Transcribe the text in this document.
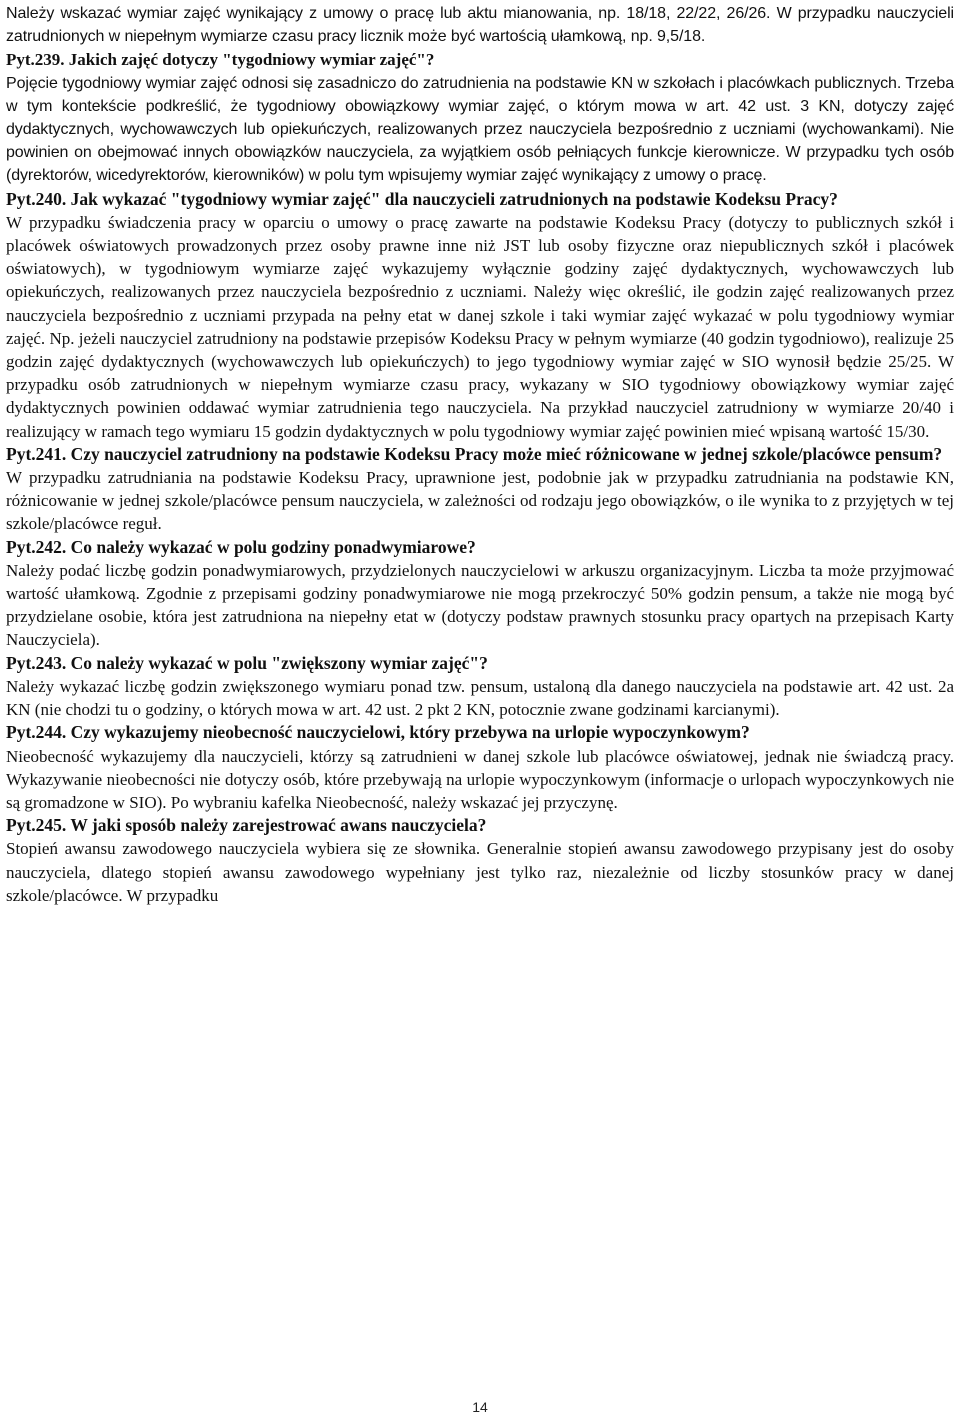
Należy wskazać wymiar zajęć wynikający z umowy o pracę lub aktu mianowania, np. 18/18, 22/22, 26/26. W przypadku nauczycieli zatrudnionych w niepełnym wymiarze czasu pracy licznik może być wartością ułamkową, np. 9,5/18.

Pyt.239. Jakich zajęć dotyczy "tygodniowy wymiar zajęć"?

Pojęcie tygodniowy wymiar zajęć odnosi się zasadniczo do zatrudnienia na podstawie KN w szkołach i placówkach publicznych. Trzeba w tym kontekście podkreślić, że tygodniowy obowiązkowy wymiar zajęć, o którym mowa w art. 42 ust. 3 KN, dotyczy zajęć dydaktycznych, wychowawczych lub opiekuńczych, realizowanych przez nauczyciela bezpośrednio z uczniami (wychowankami). Nie powinien on obejmować innych obowiązków nauczyciela, za wyjątkiem osób pełniących funkcje kierownicze. W przypadku tych osób (dyrektorów, wicedyrektorów, kierowników) w polu tym wpisujemy wymiar zajęć wynikający z umowy o pracę.

Pyt.240. Jak wykazać "tygodniowy wymiar zajęć" dla nauczycieli zatrudnionych na podstawie Kodeksu Pracy?

W przypadku świadczenia pracy w oparciu o umowy o pracę zawarte na podstawie Kodeksu Pracy (dotyczy to publicznych szkół i placówek oświatowych prowadzonych przez osoby prawne inne niż JST lub osoby fizyczne oraz niepublicznych szkół i placówek oświatowych), w tygodniowym wymiarze zajęć wykazujemy wyłącznie godziny zajęć dydaktycznych, wychowawczych lub opiekuńczych, realizowanych przez nauczyciela bezpośrednio z uczniami. Należy więc określić, ile godzin zajęć realizowanych przez nauczyciela bezpośrednio z uczniami przypada na pełny etat w danej szkole i taki wymiar zajęć wykazać w polu tygodniowy wymiar zajęć. Np. jeżeli nauczyciel zatrudniony na podstawie przepisów Kodeksu Pracy w pełnym wymiarze (40 godzin tygodniowo), realizuje 25 godzin zajęć dydaktycznych (wychowawczych lub opiekuńczych) to jego tygodniowy wymiar zajęć w SIO wynosił będzie 25/25. W przypadku osób zatrudnionych w niepełnym wymiarze czasu pracy, wykazany w SIO tygodniowy obowiązkowy wymiar zajęć dydaktycznych powinien oddawać wymiar zatrudnienia tego nauczyciela. Na przykład nauczyciel zatrudniony w wymiarze 20/40 i realizujący w ramach tego wymiaru 15 godzin dydaktycznych w polu tygodniowy wymiar zajęć powinien mieć wpisaną wartość 15/30.

Pyt.241. Czy nauczyciel zatrudniony na podstawie Kodeksu Pracy może mieć różnicowane w jednej szkole/placówce pensum?

W przypadku zatrudniania na podstawie Kodeksu Pracy, uprawnione jest, podobnie jak w przypadku zatrudniania na podstawie KN, różnicowanie w jednej szkole/placówce pensum nauczyciela, w zależności od rodzaju jego obowiązków, o ile wynika to z przyjętych w tej szkole/placówce reguł.

Pyt.242. Co należy wykazać w polu godziny ponadwymiarowe?

Należy podać liczbę godzin ponadwymiarowych, przydzielonych nauczycielowi w arkuszu organizacyjnym. Liczba ta może przyjmować wartość ułamkową. Zgodnie z przepisami godziny ponadwymiarowe nie mogą przekroczyć 50% godzin pensum, a także nie mogą być przydzielane osobie, która jest zatrudniona na niepełny etat w (dotyczy podstaw prawnych stosunku pracy opartych na przepisach Karty Nauczyciela).

Pyt.243. Co należy wykazać w polu "zwiększony wymiar zajęć"?

Należy wykazać liczbę godzin zwiększonego wymiaru ponad tzw. pensum, ustaloną dla danego nauczyciela na podstawie art. 42 ust. 2a KN (nie chodzi tu o godziny, o których mowa w art. 42 ust. 2 pkt 2 KN, potocznie zwane godzinami karcianymi).

Pyt.244. Czy wykazujemy nieobecność nauczycielowi, który przebywa na urlopie wypoczynkowym?

Nieobecność wykazujemy dla nauczycieli, którzy są zatrudnieni w danej szkole lub placówce oświatowej, jednak nie świadczą pracy. Wykazywanie nieobecności nie dotyczy osób, które przebywają na urlopie wypoczynkowym (informacje o urlopach wypoczynkowych nie są gromadzone w SIO). Po wybraniu kafelka Nieobecność, należy wskazać jej przyczynę.

Pyt.245. W jaki sposób należy zarejestrować awans nauczyciela?

Stopień awansu zawodowego nauczyciela wybiera się ze słownika. Generalnie stopień awansu zawodowego przypisany jest do osoby nauczyciela, dlatego stopień awansu zawodowego wypełniany jest tylko raz, niezależnie od liczby stosunków pracy w danej szkole/placówce. W przypadku

14
